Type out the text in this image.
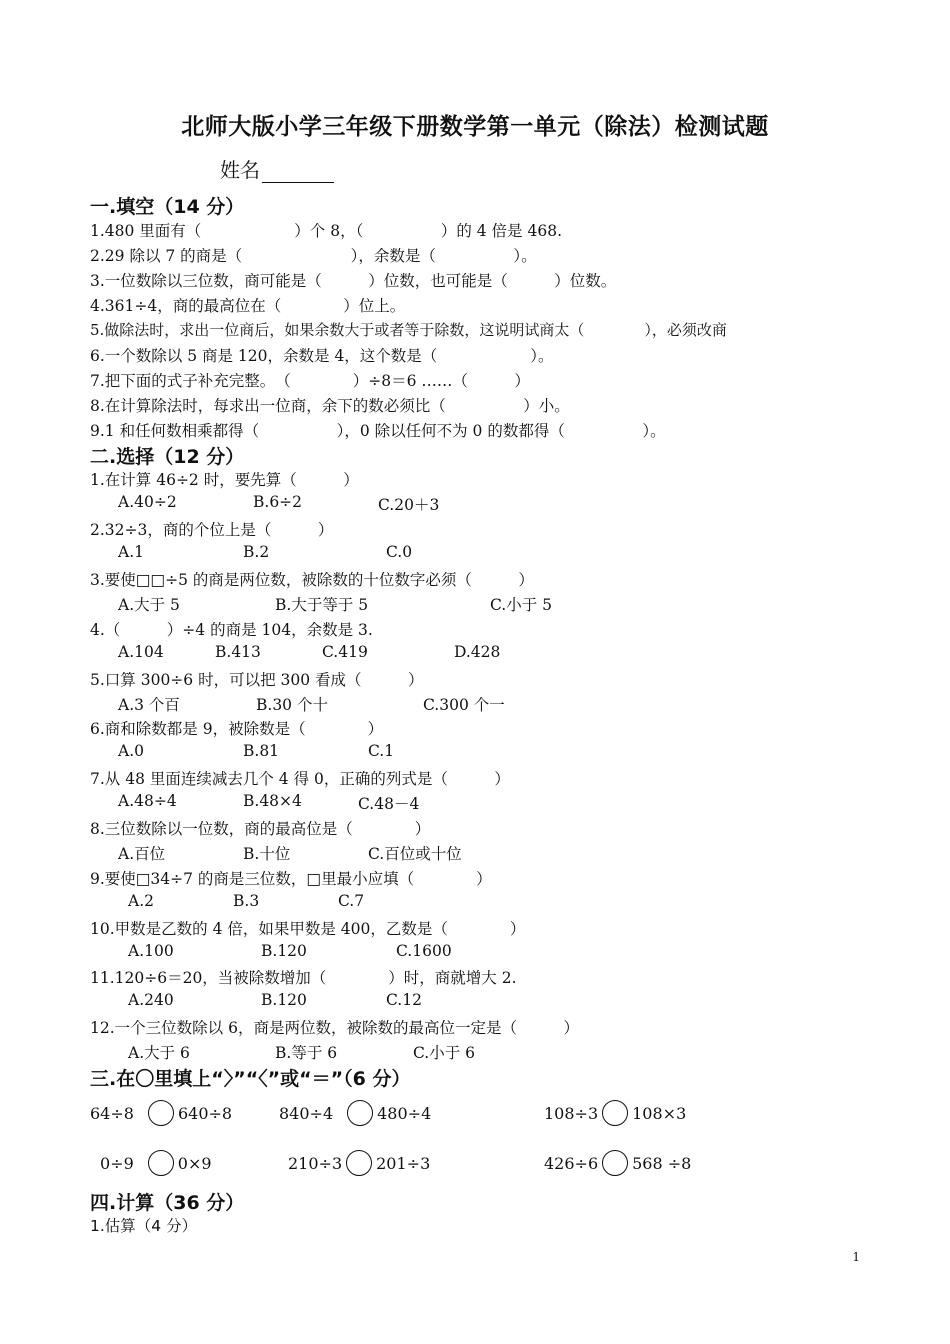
北师大版小学三年级下册数学第一单元（除法）检测试题
姓名
一.填空（14 分）
1.480 里面有（　　　　　　）个 8，（　　　　　）的 4 倍是 468.
2.29 除以 7 的商是（　　　　　　　），余数是（　　　　　）。
3.一位数除以三位数，商可能是（　　　）位数，也可能是（　　　）位数。
4.361÷4，商的最高位在（　　　　）位上。
5.做除法时，求出一位商后，如果余数大于或者等于除数，这说明试商太（　　　　），必须改商
6.一个数除以 5 商是 120，余数是 4，这个数是（　　　　　　）。
7.把下面的式子补充完整。　（　　　　）÷8＝6 ……（　　　）
8.在计算除法时，每求出一位商，余下的数必须比（　　　　　）小。
9.1 和任何数相乘都得（　　　　　），0 除以任何不为 0 的数都得（　　　　　）。
二.选择（12 分）
1.在计算 46÷2 时，要先算（　　　）
A.40÷2	B.6÷2	C.20＋3
2.32÷3，商的个位上是（　　　）
A.1	B.2	C.0
3.要使□□÷5 的商是两位数，被除数的十位数字必须（　　　）
A.大于 5	B.大于等于 5	C.小于 5
4.（　　　）÷4 的商是 104，余数是 3.
A.104	B.413	C.419	D.428
5.口算 300÷6 时，可以把 300 看成（　　　）
A.3 个百	B.30 个十	C.300 个一
6.商和除数都是 9，被除数是（　　　　）
A.0	B.81	C.1
7.从 48 里面连续减去几个 4 得 0，正确的列式是（　　　）
A.48÷4	B.48×4	C.48－4
8.三位数除以一位数，商的最高位是（　　　　）
A.百位	B.十位	C.百位或十位
9.要使□34÷7 的商是三位数，□里最小应填（　　　　）
A.2	B.3	C.7
10.甲数是乙数的 4 倍，如果甲数是 400，乙数是（　　　　）
A.100	B.120	C.1600
11.120÷6＝20，当被除数增加（　　　　）时，商就增大 2.
A.240	B.120	C.12
12.一个三位数除以 6，商是两位数，被除数的最高位一定是（　　　）
A.大于 6	B.等于 6	C.小于 6
三.在〇里填上“〉”“〈”或“＝”（6 分）
64÷8	640÷8	840÷4	480÷4	108÷3 108×3
0÷9	0×9	210÷3 201÷3	426÷6 568 ÷8
四.计算（36 分）
1.估算（4 分）
1
